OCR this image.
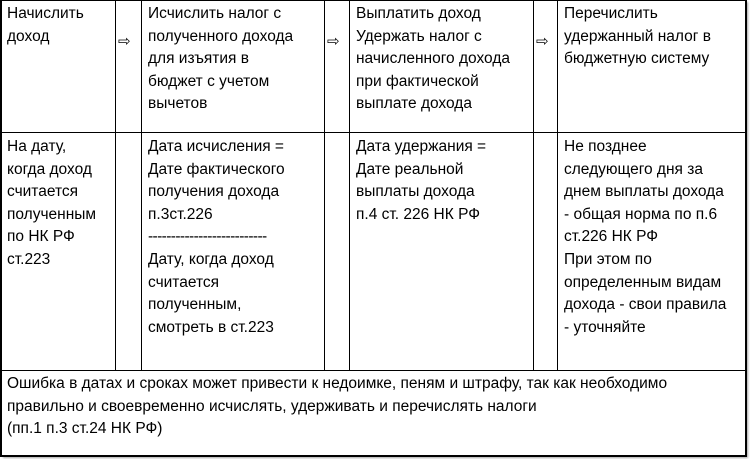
Начислить
доход	⇨
Исчислить налог с
полученного дохода
для изъятия в
бюджет с учетом
вычетов
⇨
Выплатить доход
Удержать налог с
начисленного дохода
при фактической
выплате дохода
⇨
Перечислить
удержанный налог в
бюджетную систему
На дату,
когда доход
считается
полученным
по НК РФ
ст.223
Дата исчисления =
Дате фактического
получения дохода
п.3ст.226
--------------------------
Дату, когда доход
считается
полученным,
смотреть в ст.223
Дата удержания =
Дате реальной
выплаты дохода
п.4 ст. 226 НК РФ
Не позднее
следующего дня за
днем выплаты дохода
- общая норма по п.6
ст.226 НК РФ
При этом по
определенным видам
дохода - свои правила
- уточняйте
Ошибка в датах и сроках может привести к недоимке, пеням и штрафу, так как необходимо
правильно и своевременно исчислять, удерживать и перечислять налоги
(пп.1 п.3 ст.24 НК РФ)
